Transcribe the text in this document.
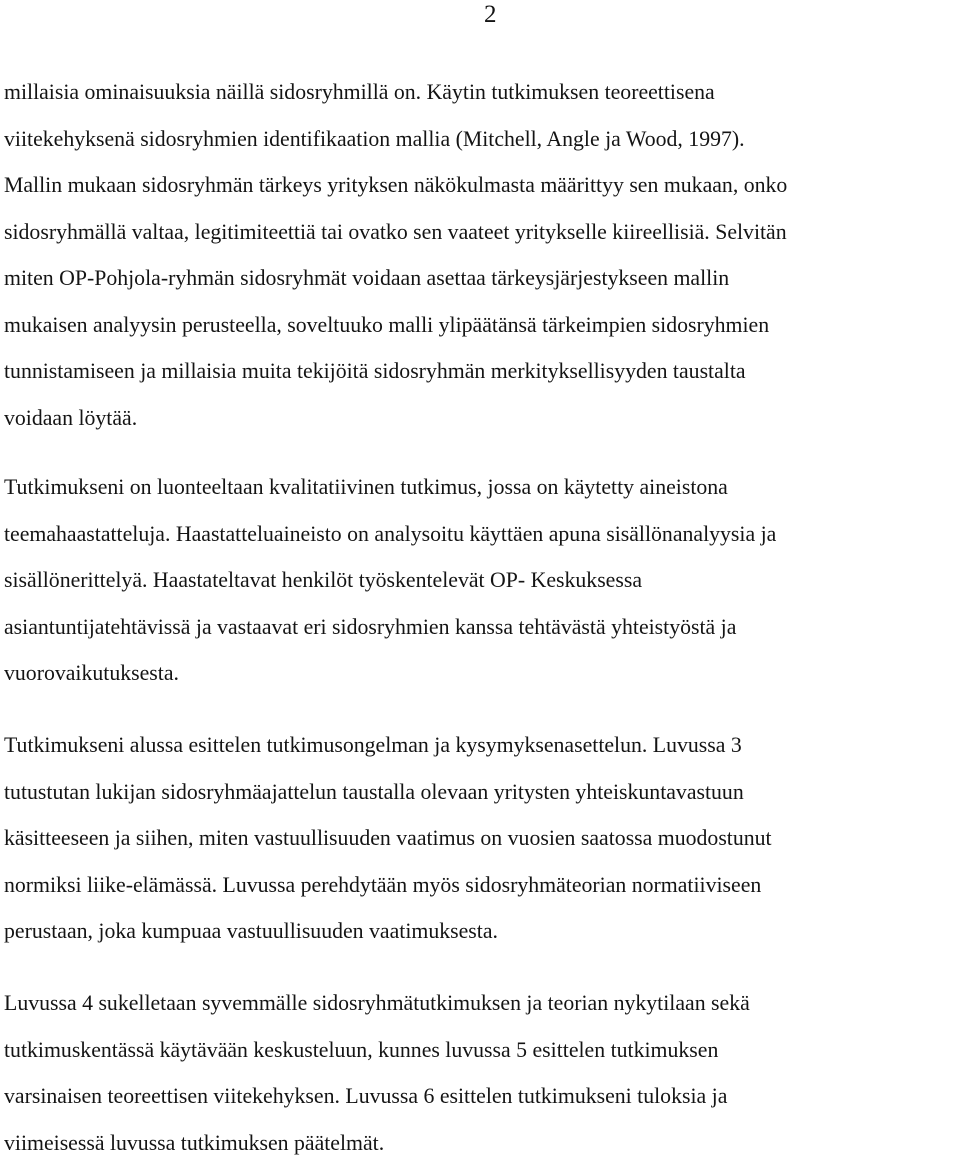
2
millaisia ominaisuuksia näillä sidosryhmillä on. Käytin tutkimuksen teoreettisena
viitekehyksenä sidosryhmien identifikaation mallia (Mitchell, Angle ja Wood, 1997).
Mallin mukaan sidosryhmän tärkeys yrityksen näkökulmasta määrittyy sen mukaan, onko
sidosryhmällä valtaa, legitimiteettiä tai ovatko sen vaateet yritykselle kiireellisiä. Selvitän
miten OP-Pohjola-ryhmän sidosryhmät voidaan asettaa tärkeysjärjestykseen mallin
mukaisen analyysin perusteella, soveltuuko malli ylipäätänsä tärkeimpien sidosryhmien
tunnistamiseen ja millaisia muita tekijöitä sidosryhmän merkityksellisyyden taustalta
voidaan löytää.
Tutkimukseni on luonteeltaan kvalitatiivinen tutkimus, jossa on käytetty aineistona
teemahaastatteluja. Haastatteluaineisto on analysoitu käyttäen apuna sisällönanalyysia ja
sisällönerittelyä. Haastateltavat henkilöt työskentelevät OP- Keskuksessa
asiantuntijatehtävissä ja vastaavat eri sidosryhmien kanssa tehtävästä yhteistyöstä ja
vuorovaikutuksesta.
Tutkimukseni alussa esittelen tutkimusongelman ja kysymyksenasettelun. Luvussa 3
tutustutan lukijan sidosryhmäajattelun taustalla olevaan yritysten yhteiskuntavastuun
käsitteeseen ja siihen, miten vastuullisuuden vaatimus on vuosien saatossa muodostunut
normiksi liike-elämässä. Luvussa perehdytään myös sidosryhmäteorian normatiiviseen
perustaan, joka kumpuaa vastuullisuuden vaatimuksesta.
Luvussa 4 sukelletaan syvemmälle sidosryhmätutkimuksen ja teorian nykytilaan sekä
tutkimuskentässä käytävään keskusteluun, kunnes luvussa 5 esittelen tutkimuksen
varsinaisen teoreettisen viitekehyksen. Luvussa 6 esittelen tutkimukseni tuloksia ja
viimeisessä luvussa tutkimuksen päätelmät.
